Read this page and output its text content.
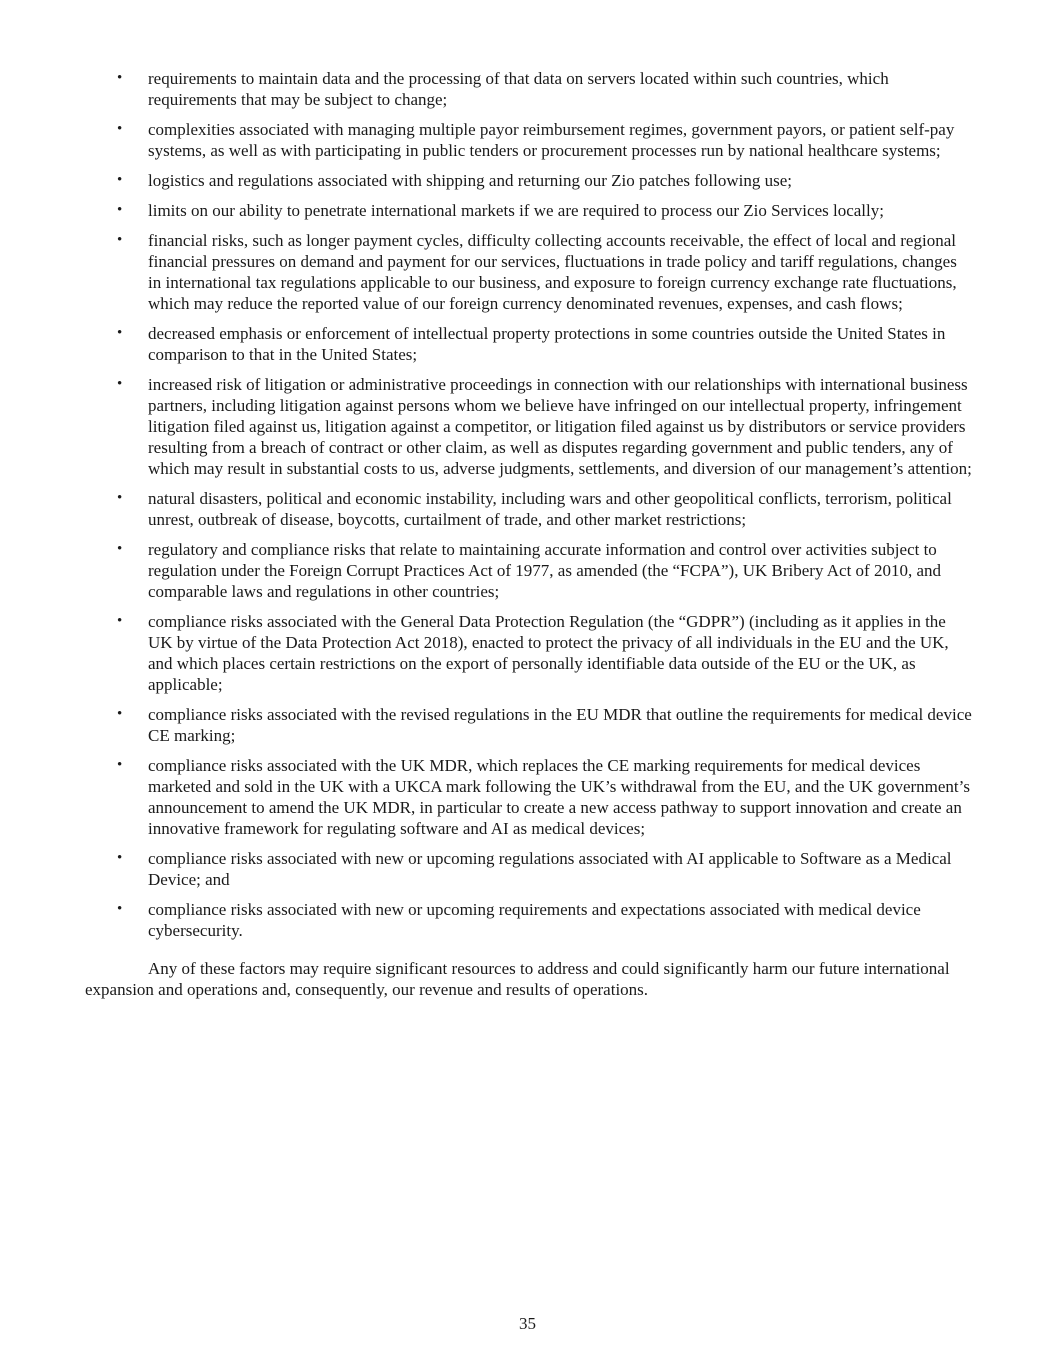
•	requirements to maintain data and the processing of that data on servers located within such countries, which requirements that may be subject to change;
•	complexities associated with managing multiple payor reimbursement regimes, government payors, or patient self-pay systems, as well as with participating in public tenders or procurement processes run by national healthcare systems;
•	logistics and regulations associated with shipping and returning our Zio patches following use;
•	limits on our ability to penetrate international markets if we are required to process our Zio Services locally;
•	financial risks, such as longer payment cycles, difficulty collecting accounts receivable, the effect of local and regional financial pressures on demand and payment for our services, fluctuations in trade policy and tariff regulations, changes in international tax regulations applicable to our business, and exposure to foreign currency exchange rate fluctuations, which may reduce the reported value of our foreign currency denominated revenues, expenses, and cash flows;
•	decreased emphasis or enforcement of intellectual property protections in some countries outside the United States in comparison to that in the United States;
•	increased risk of litigation or administrative proceedings in connection with our relationships with international business partners, including litigation against persons whom we believe have infringed on our intellectual property, infringement litigation filed against us, litigation against a competitor, or litigation filed against us by distributors or service providers resulting from a breach of contract or other claim, as well as disputes regarding government and public tenders, any of which may result in substantial costs to us, adverse judgments, settlements, and diversion of our management’s attention;
•	natural disasters, political and economic instability, including wars and other geopolitical conflicts, terrorism, political unrest, outbreak of disease, boycotts, curtailment of trade, and other market restrictions;
•	regulatory and compliance risks that relate to maintaining accurate information and control over activities subject to regulation under the Foreign Corrupt Practices Act of 1977, as amended (the “FCPA”), UK Bribery Act of 2010, and comparable laws and regulations in other countries;
•	compliance risks associated with the General Data Protection Regulation (the “GDPR”) (including as it applies in the UK by virtue of the Data Protection Act 2018), enacted to protect the privacy of all individuals in the EU and the UK, and which places certain restrictions on the export of personally identifiable data outside of the EU or the UK, as applicable;
•	compliance risks associated with the revised regulations in the EU MDR that outline the requirements for medical device CE marking;
•	compliance risks associated with the UK MDR, which replaces the CE marking requirements for medical devices marketed and sold in the UK with a UKCA mark following the UK’s withdrawal from the EU, and the UK government’s announcement to amend the UK MDR, in particular to create a new access pathway to support innovation and create an innovative framework for regulating software and AI as medical devices;
•	compliance risks associated with new or upcoming regulations associated with AI applicable to Software as a Medical Device; and
•	compliance risks associated with new or upcoming requirements and expectations associated with medical device cybersecurity.

Any of these factors may require significant resources to address and could significantly harm our future international expansion and operations and, consequently, our revenue and results of operations.

35
